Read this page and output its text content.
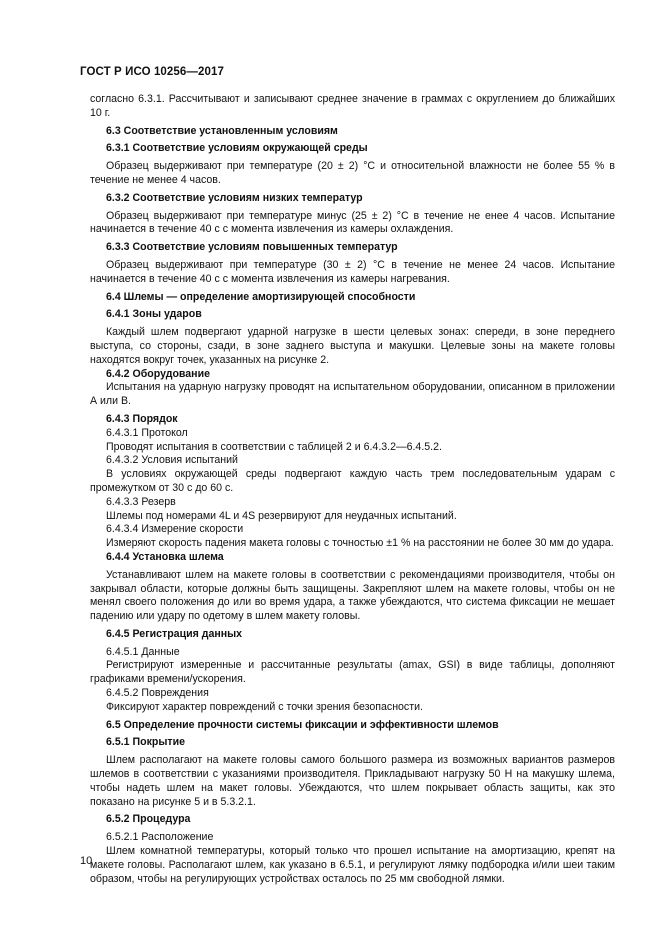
ГОСТ Р ИСО 10256—2017
согласно 6.3.1. Рассчитывают и записывают среднее значение в граммах с округлением до ближайших 10 г.
6.3 Соответствие установленным условиям
6.3.1 Соответствие условиям окружающей среды
Образец выдерживают при температуре (20 ± 2) °С и относительной влажности не более 55 % в течение не менее 4 часов.
6.3.2 Соответствие условиям низких температур
Образец выдерживают при температуре минус (25 ± 2) °С в течение не енее 4 часов. Испытание начинается в течение 40 с с момента извлечения из камеры охлаждения.
6.3.3 Соответствие условиям повышенных температур
Образец выдерживают при температуре (30 ± 2) °С в течение не менее 24 часов. Испытание начинается в течение 40 с с момента извлечения из камеры нагревания.
6.4 Шлемы — определение амортизирующей способности
6.4.1 Зоны ударов
Каждый шлем подвергают ударной нагрузке в шести целевых зонах: спереди, в зоне переднего выступа, со стороны, сзади, в зоне заднего выступа и макушки. Целевые зоны на макете головы находятся вокруг точек, указанных на рисунке 2.
6.4.2 Оборудование
Испытания на ударную нагрузку проводят на испытательном оборудовании, описанном в приложении А или В.
6.4.3 Порядок
6.4.3.1 Протокол
Проводят испытания в соответствии с таблицей 2 и 6.4.3.2—6.4.5.2.
6.4.3.2 Условия испытаний
В условиях окружающей среды подвергают каждую часть трем последовательным ударам с промежутком от 30 с до 60 с.
6.4.3.3 Резерв
Шлемы под номерами 4L и 4S резервируют для неудачных испытаний.
6.4.3.4 Измерение скорости
Измеряют скорость падения макета головы с точностью ±1 % на расстоянии не более 30 мм до удара.
6.4.4 Установка шлема
Устанавливают шлем на макете головы в соответствии с рекомендациями производителя, чтобы он закрывал области, которые должны быть защищены. Закрепляют шлем на макете головы, чтобы он не менял своего положения до или во время удара, а также убеждаются, что система фиксации не мешает падению или удару по одетому в шлем макету головы.
6.4.5 Регистрация данных
6.4.5.1 Данные
Регистрируют измеренные и рассчитанные результаты (amax, GSI) в виде таблицы, дополняют графиками времени/ускорения.
6.4.5.2 Повреждения
Фиксируют характер повреждений с точки зрения безопасности.
6.5 Определение прочности системы фиксации и эффективности шлемов
6.5.1 Покрытие
Шлем располагают на макете головы самого большого размера из возможных вариантов размеров шлемов в соответствии с указаниями производителя. Прикладывают нагрузку 50 Н на макушку шлема, чтобы надеть шлем на макет головы. Убеждаются, что шлем покрывает область защиты, как это показано на рисунке 5 и в 5.3.2.1.
6.5.2 Процедура
6.5.2.1 Расположение
Шлем комнатной температуры, который только что прошел испытание на амортизацию, крепят на макете головы. Располагают шлем, как указано в 6.5.1, и регулируют лямку подбородка и/или шеи таким образом, чтобы на регулирующих устройствах осталось по 25 мм свободной лямки.
10
